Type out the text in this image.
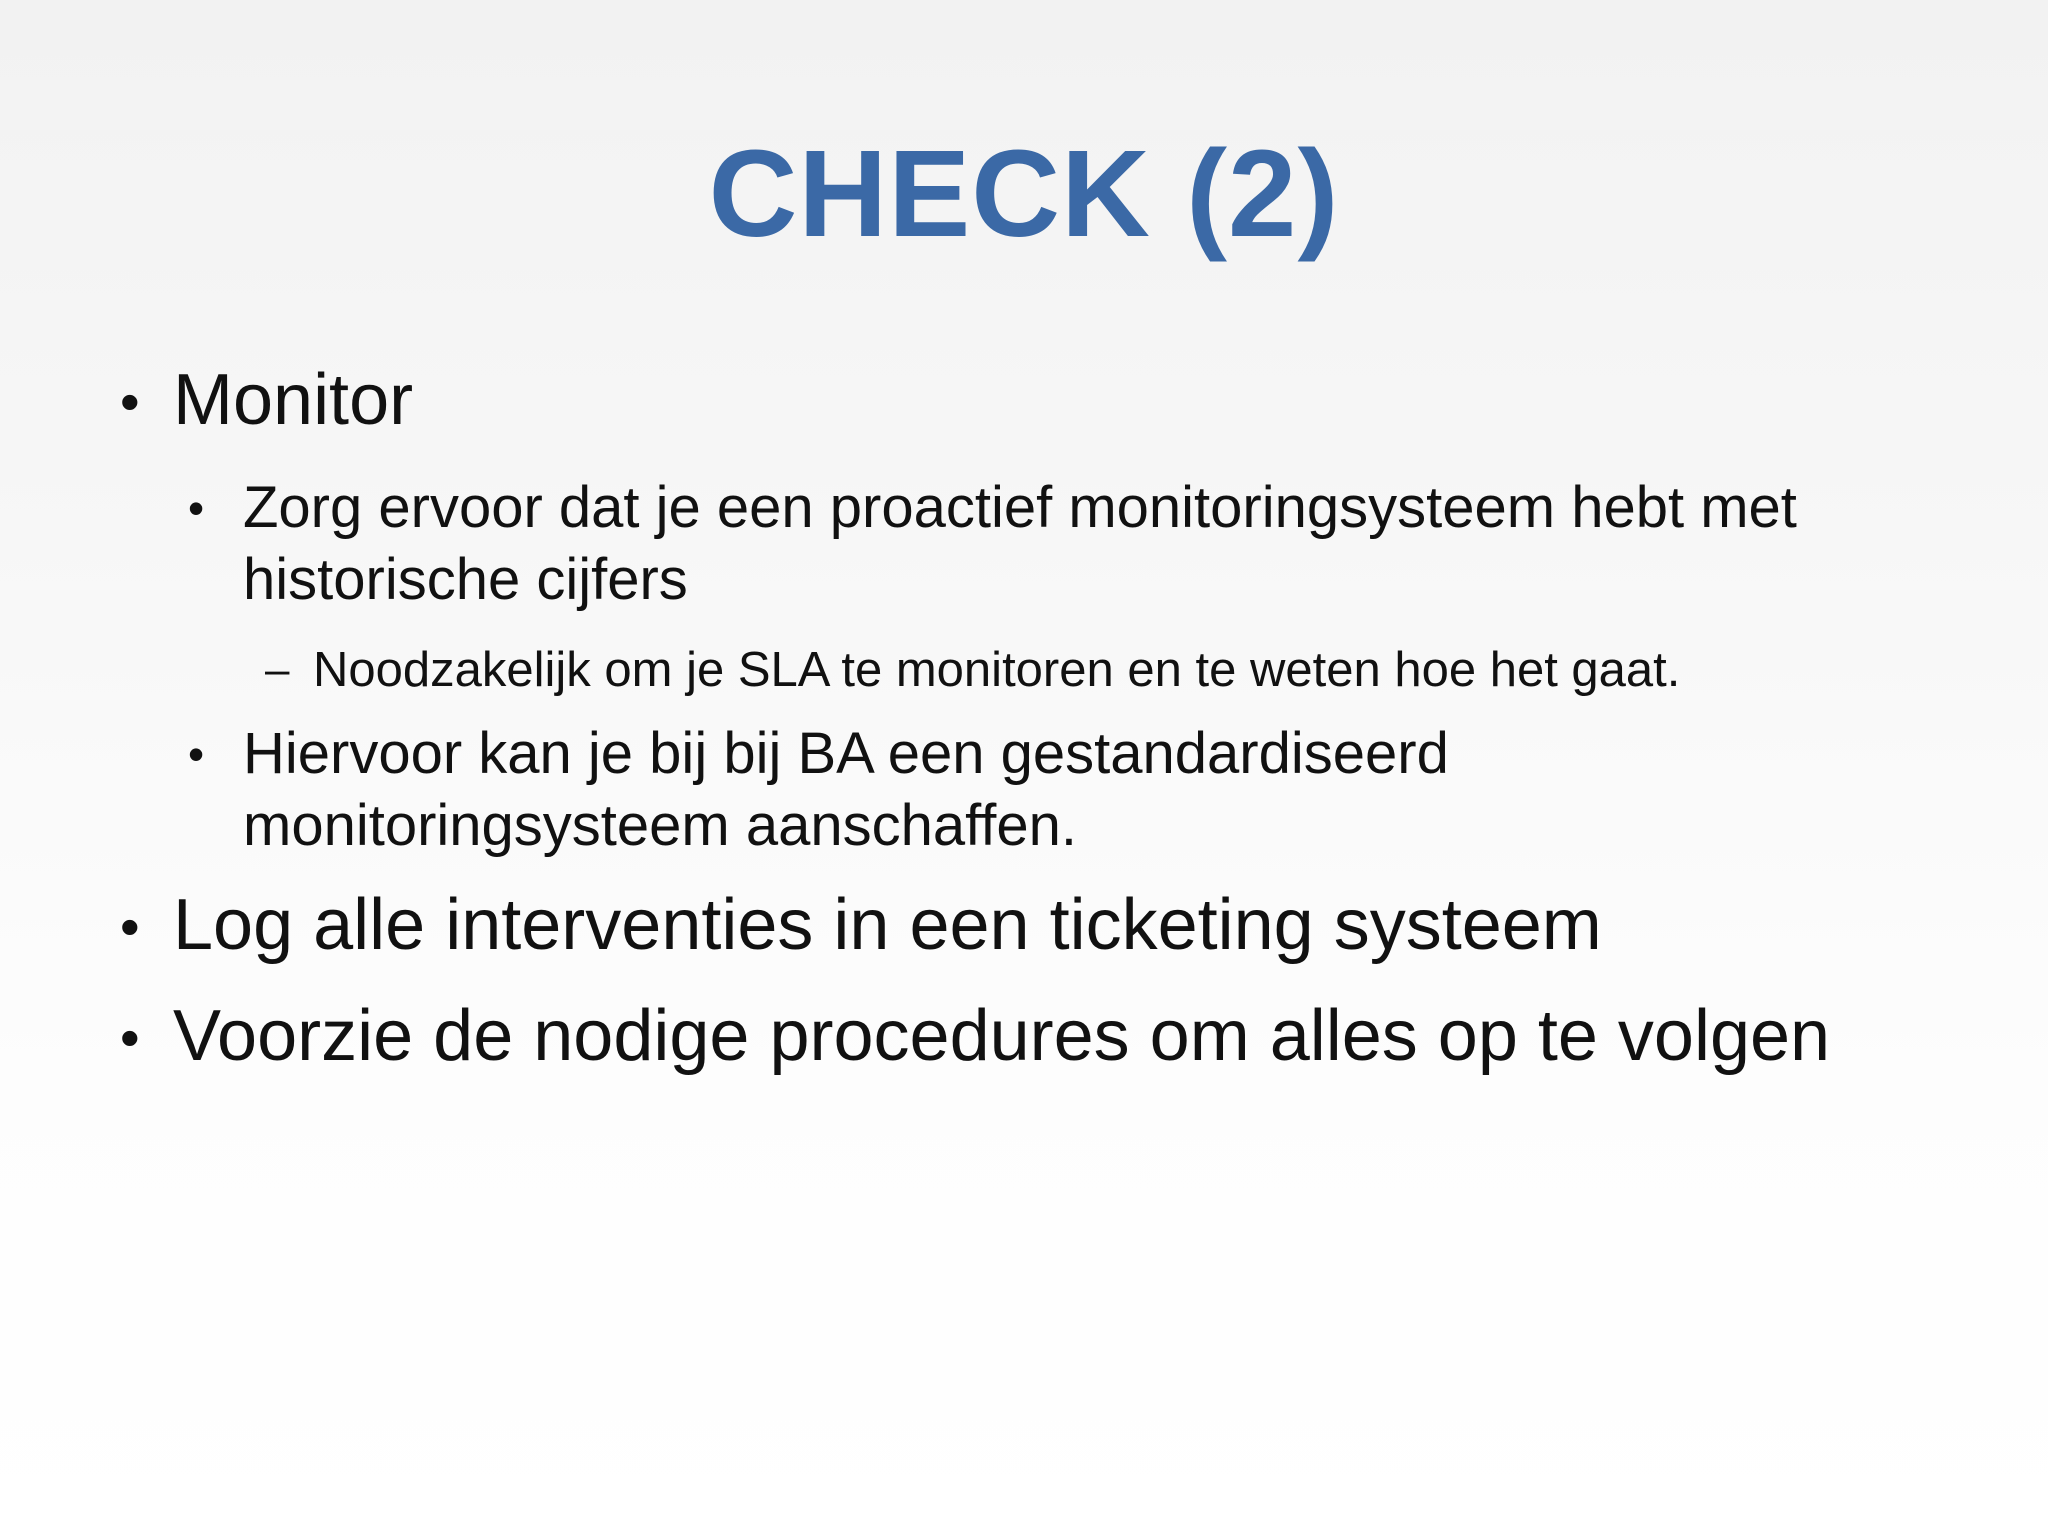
CHECK (2)
• Monitor
• Zorg ervoor dat je een proactief monitoringsysteem hebt met
historische cijfers
– Noodzakelijk om je SLA te monitoren en te weten hoe het gaat.
• Hiervoor kan je bij bij BA een gestandardiseerd
monitoringsysteem aanschaffen.
• Log alle interventies in een ticketing systeem
• Voorzie de nodige procedures om alles op te volgen
